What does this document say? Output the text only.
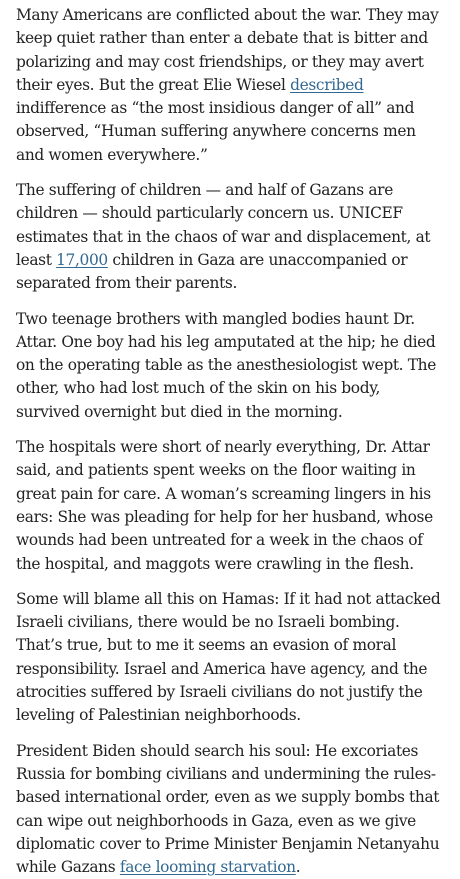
Many Americans are conflicted about the war. They may keep quiet rather than enter a debate that is bitter and polarizing and may cost friendships, or they may avert their eyes. But the great Elie Wiesel described indifference as “the most insidious danger of all” and observed, “Human suffering anywhere concerns men and women everywhere.”

The suffering of children — and half of Gazans are children — should particularly concern us. UNICEF estimates that in the chaos of war and displacement, at least 17,000 children in Gaza are unaccompanied or separated from their parents.

Two teenage brothers with mangled bodies haunt Dr. Attar. One boy had his leg amputated at the hip; he died on the operating table as the anesthesiologist wept. The other, who had lost much of the skin on his body, survived overnight but died in the morning.

The hospitals were short of nearly everything, Dr. Attar said, and patients spent weeks on the floor waiting in great pain for care. A woman’s screaming lingers in his ears: She was pleading for help for her husband, whose wounds had been untreated for a week in the chaos of the hospital, and maggots were crawling in the flesh.

Some will blame all this on Hamas: If it had not attacked Israeli civilians, there would be no Israeli bombing. That’s true, but to me it seems an evasion of moral responsibility. Israel and America have agency, and the atrocities suffered by Israeli civilians do not justify the leveling of Palestinian neighborhoods.

President Biden should search his soul: He excoriates Russia for bombing civilians and undermining the rules-based international order, even as we supply bombs that can wipe out neighborhoods in Gaza, even as we give diplomatic cover to Prime Minister Benjamin Netanyahu while Gazans face looming starvation.
